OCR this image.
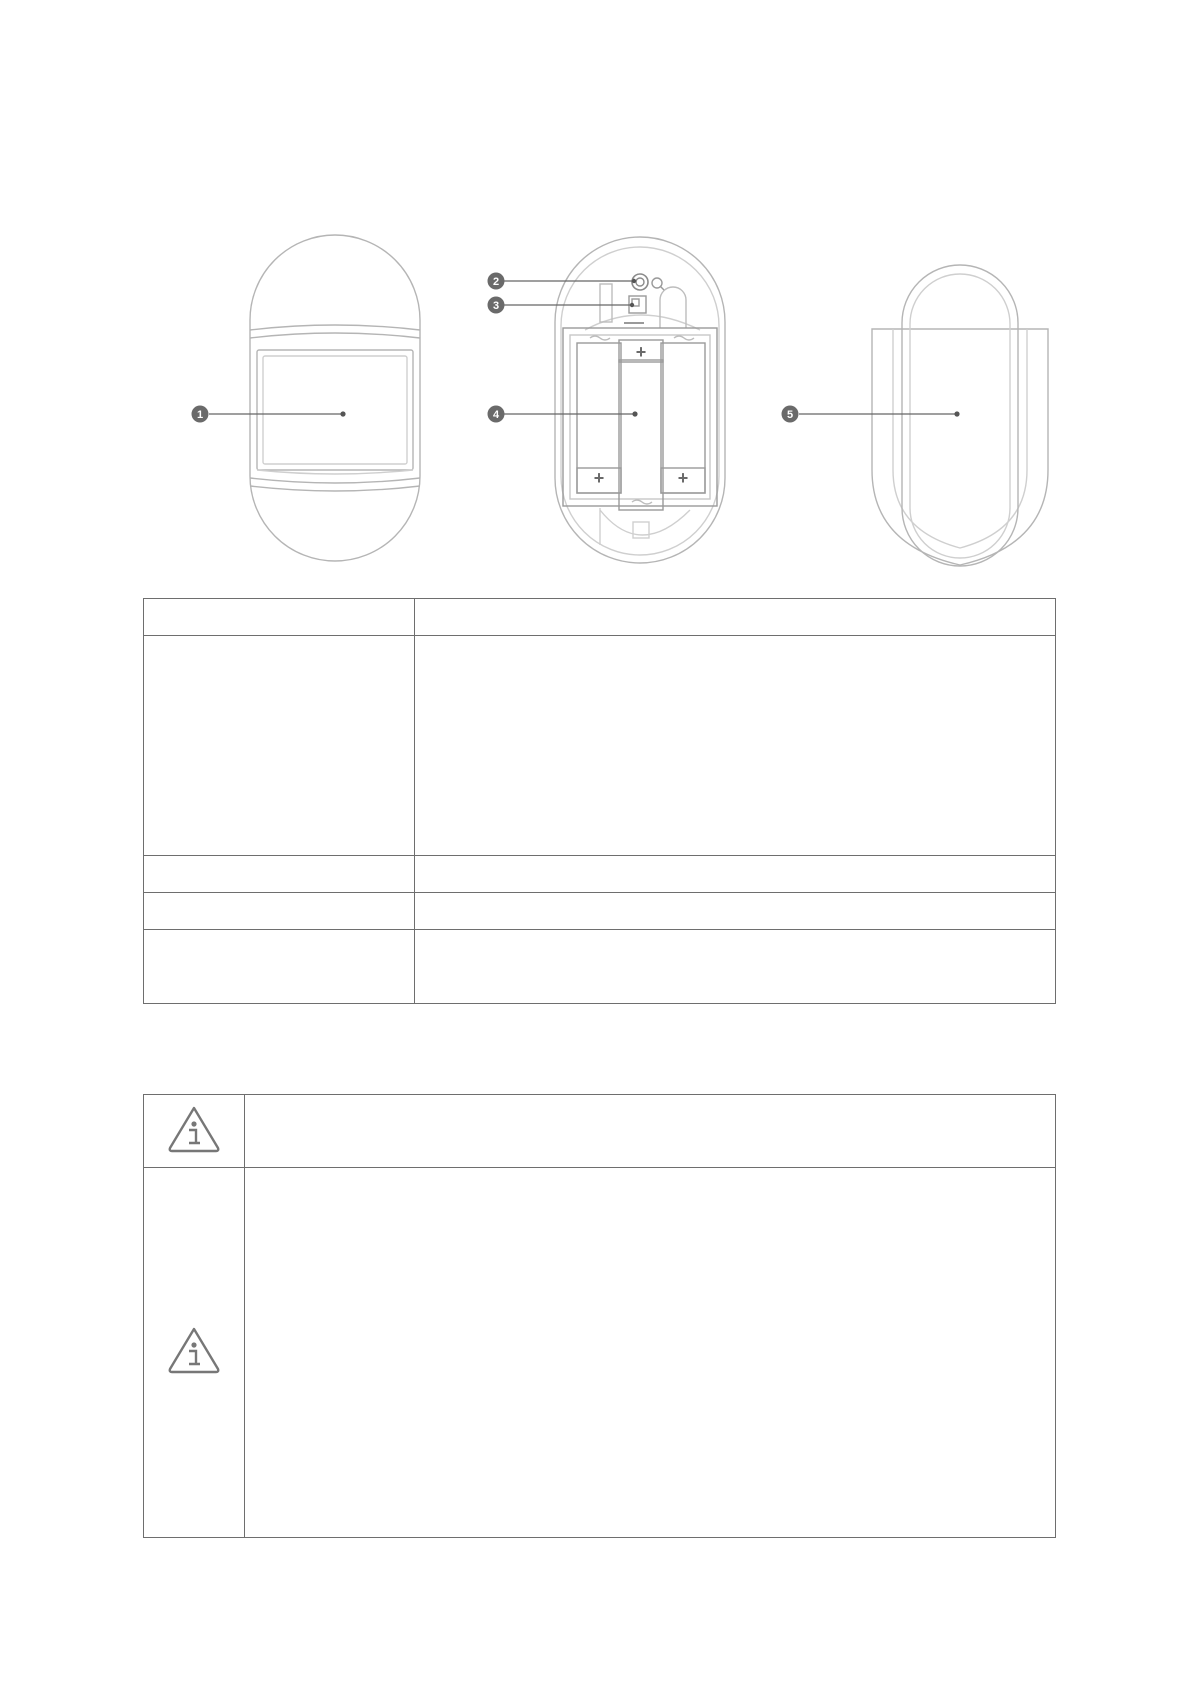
1
2
3
4	5
+
+	+
